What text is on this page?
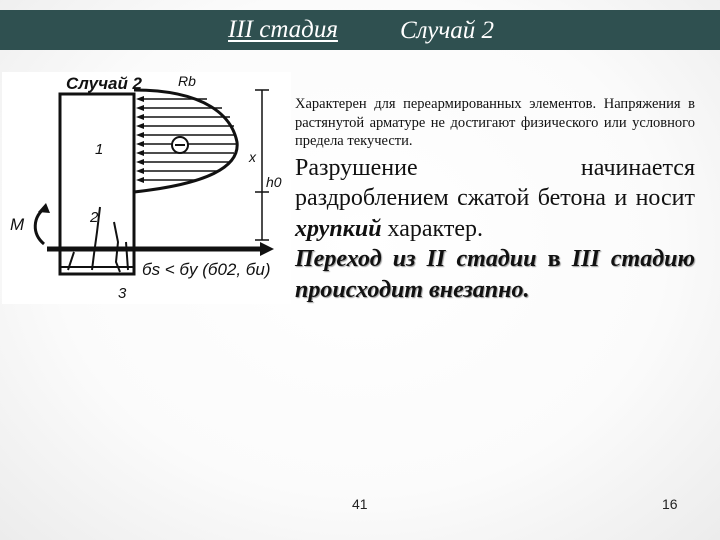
III стадия Случай 2
Случай 2	Rb
M
1
2
3
x
h0
бs < бy (б02, бu)

Характерен для переармированных элементов. Напряжения в растянутой арматуре не достигают физического или условного предела текучести.

Разрушение начинается раздроблением сжатой бетона и носит хрупкий характер.

Переход из II стадии в III стадию происходит внезапно.

41	16
